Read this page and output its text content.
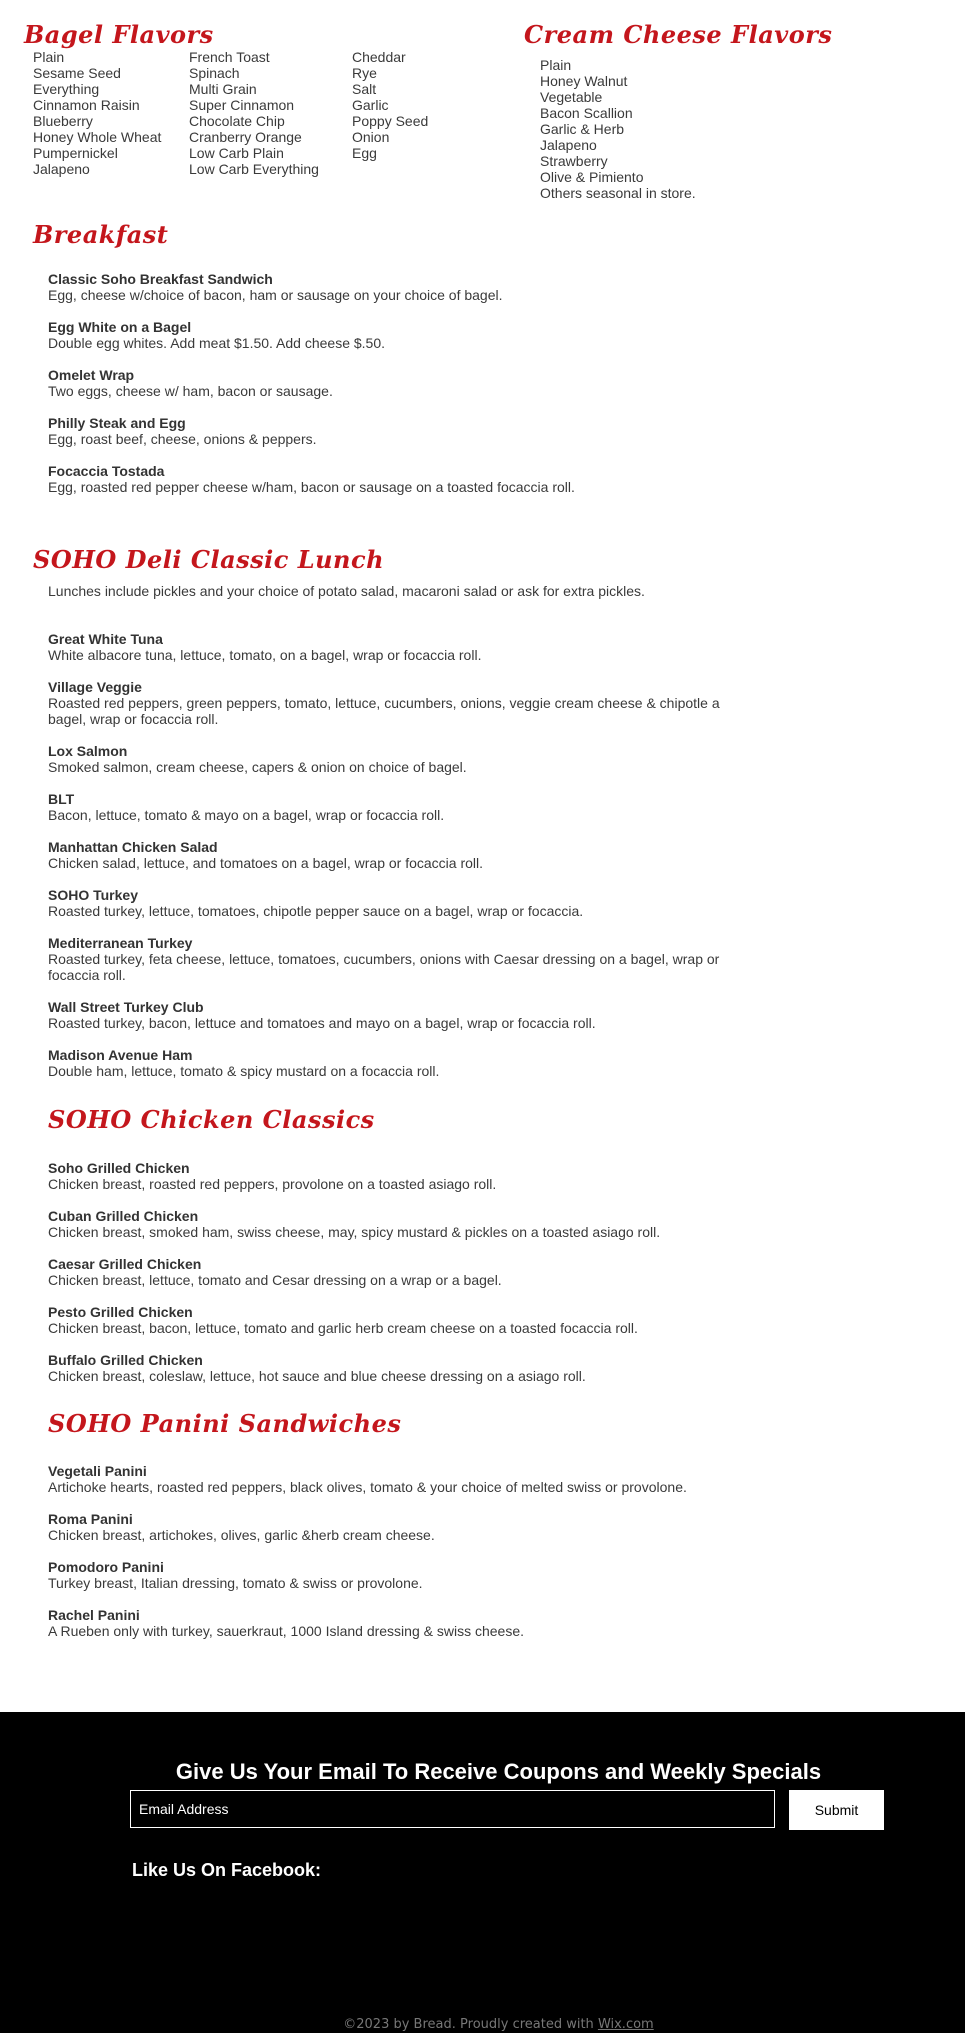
Bagel Flavors
Plain
Sesame Seed
Everything
Cinnamon Raisin
Blueberry
Honey Whole Wheat
Pumpernickel
Jalapeno
French Toast
Spinach
Multi Grain
Super Cinnamon
Chocolate Chip
Cranberry Orange
Low Carb Plain
Low Carb Everything
Cheddar
Rye
Salt
Garlic
Poppy Seed
Onion
Egg
Cream Cheese Flavors
Plain
Honey Walnut
Vegetable
Bacon Scallion
Garlic & Herb
Jalapeno
Strawberry
Olive & Pimiento
Others seasonal in store.
Breakfast
Classic Soho Breakfast Sandwich
Egg, cheese w/choice of bacon, ham or sausage on your choice of bagel.
Egg White on a Bagel
Double egg whites. Add meat $1.50. Add cheese $.50.
Omelet Wrap
Two eggs, cheese w/ ham, bacon or sausage.
Philly Steak and Egg
Egg, roast beef, cheese, onions & peppers.
Focaccia Tostada
Egg, roasted red pepper cheese w/ham, bacon or sausage on a toasted focaccia roll.
SOHO Deli Classic Lunch
Lunches include pickles and your choice of potato salad, macaroni salad or ask for extra pickles.
Great White Tuna
White albacore tuna, lettuce, tomato, on a bagel, wrap or focaccia roll.
Village Veggie
Roasted red peppers, green peppers, tomato, lettuce, cucumbers, onions, veggie cream cheese & chipotle a bagel, wrap or focaccia roll.
Lox Salmon
Smoked salmon, cream cheese, capers & onion on choice of bagel.
BLT
Bacon, lettuce, tomato & mayo on a bagel, wrap or focaccia roll.
Manhattan Chicken Salad
Chicken salad, lettuce, and tomatoes on a bagel, wrap or focaccia roll.
SOHO Turkey
Roasted turkey, lettuce, tomatoes, chipotle pepper sauce on a bagel, wrap or focaccia.
Mediterranean Turkey
Roasted turkey, feta cheese, lettuce, tomatoes, cucumbers, onions with Caesar dressing on a bagel, wrap or focaccia roll.
Wall Street Turkey Club
Roasted turkey, bacon, lettuce and tomatoes and mayo on a bagel, wrap or focaccia roll.
Madison Avenue Ham
Double ham, lettuce, tomato & spicy mustard on a focaccia roll.
SOHO Chicken Classics
Soho Grilled Chicken
Chicken breast, roasted red peppers, provolone on a toasted asiago roll.
Cuban Grilled Chicken
Chicken breast, smoked ham, swiss cheese, may, spicy mustard & pickles on a toasted asiago roll.
Caesar Grilled Chicken
Chicken breast, lettuce, tomato and Cesar dressing on a wrap or a bagel.
Pesto Grilled Chicken
Chicken breast, bacon, lettuce, tomato and garlic herb cream cheese on a toasted focaccia roll.
Buffalo Grilled Chicken
Chicken breast, coleslaw, lettuce, hot sauce and blue cheese dressing on a asiago roll.
SOHO Panini Sandwiches
Vegetali Panini
Artichoke hearts, roasted red peppers, black olives, tomato & your choice of melted swiss or provolone.
Roma Panini
Chicken breast, artichokes, olives, garlic &herb cream cheese.
Pomodoro Panini
Turkey breast, Italian dressing, tomato & swiss or provolone.
Rachel Panini
A Rueben only with turkey, sauerkraut, 1000 Island dressing & swiss cheese.
Give Us Your Email To Receive Coupons and Weekly Specials
Email Address
Submit
Like Us On Facebook:
©2023 by Bread. Proudly created with Wix.com
